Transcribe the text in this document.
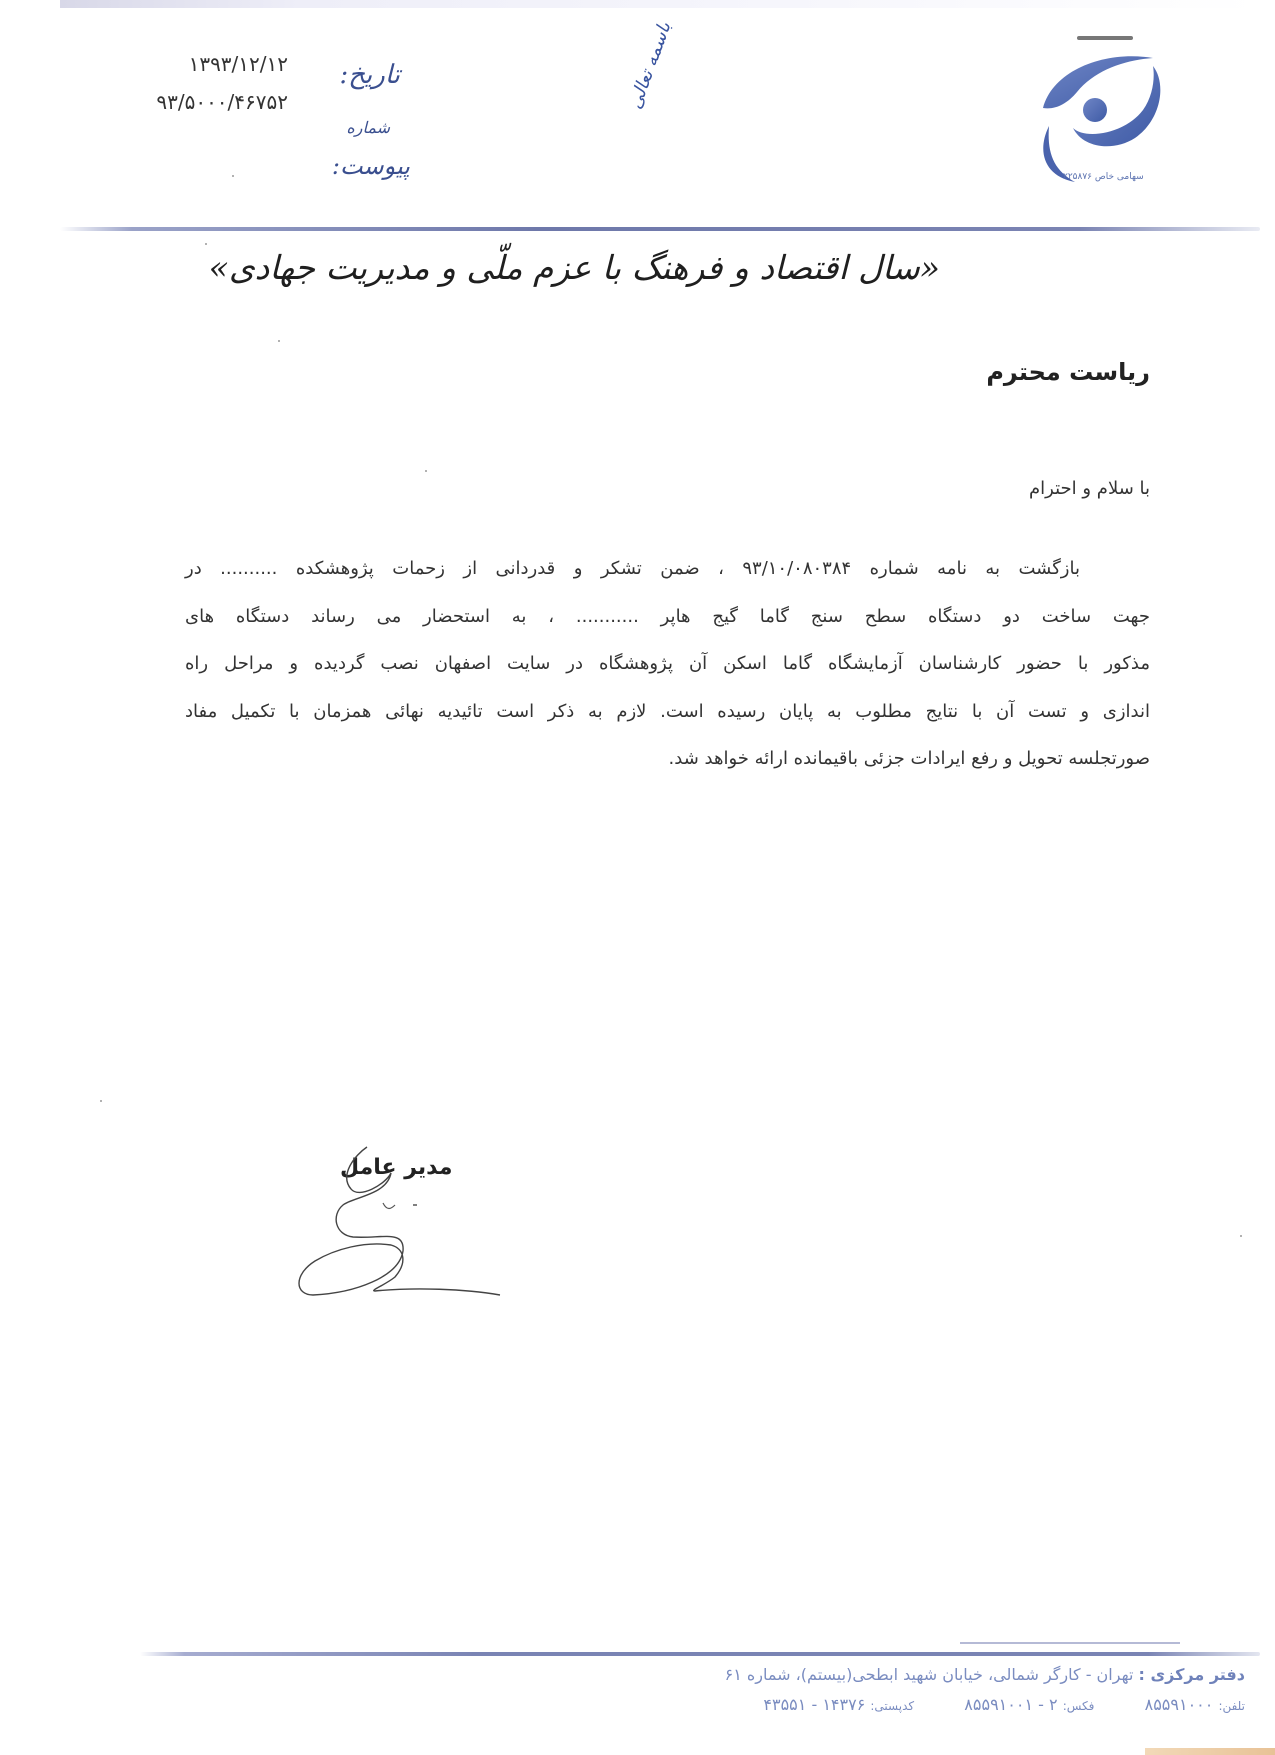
۱۳۹۳/۱۲/۱۲
۹۳/۵۰۰۰/۴۶۷۵۲
تاریخ:
شماره
پیوست:
باسمه تعالی
سهامی خاص ۲۲۵۸۷۶
«سال اقتصاد و فرهنگ با عزم ملّی و مدیریت جهادی»
ریاست محترم
با سلام و احترام
بازگشت به نامه شماره ۹۳/۱۰/۰۸۰۳۸۴ ، ضمن تشکر و قدردانی از زحمات پژوهشکده .......... در
جهت ساخت دو دستگاه سطح سنج گاما گیج هاپر ........... ، به استحضار می رساند دستگاه های
مذکور با حضور کارشناسان آزمایشگاه گاما اسکن آن پژوهشگاه در سایت اصفهان نصب گردیده و مراحل راه
اندازی و تست آن با نتایج مطلوب به پایان رسیده است. لازم به ذکر است تائیدیه نهائی همزمان با تکمیل مفاد
صورتجلسه تحویل و رفع ایرادات جزئی باقیمانده ارائه خواهد شد.
مدیر عامل
دفتر مرکزی : تهران - کارگر شمالی، خیابان شهید ابطحی(بیستم)، شماره ۶۱
تلفن: ۸۵۵۹۱۰۰۰  فکس: ۲ - ۸۵۵۹۱۰۰۱  کدپستی: ۱۴۳۷۶ - ۴۳۵۵۱
